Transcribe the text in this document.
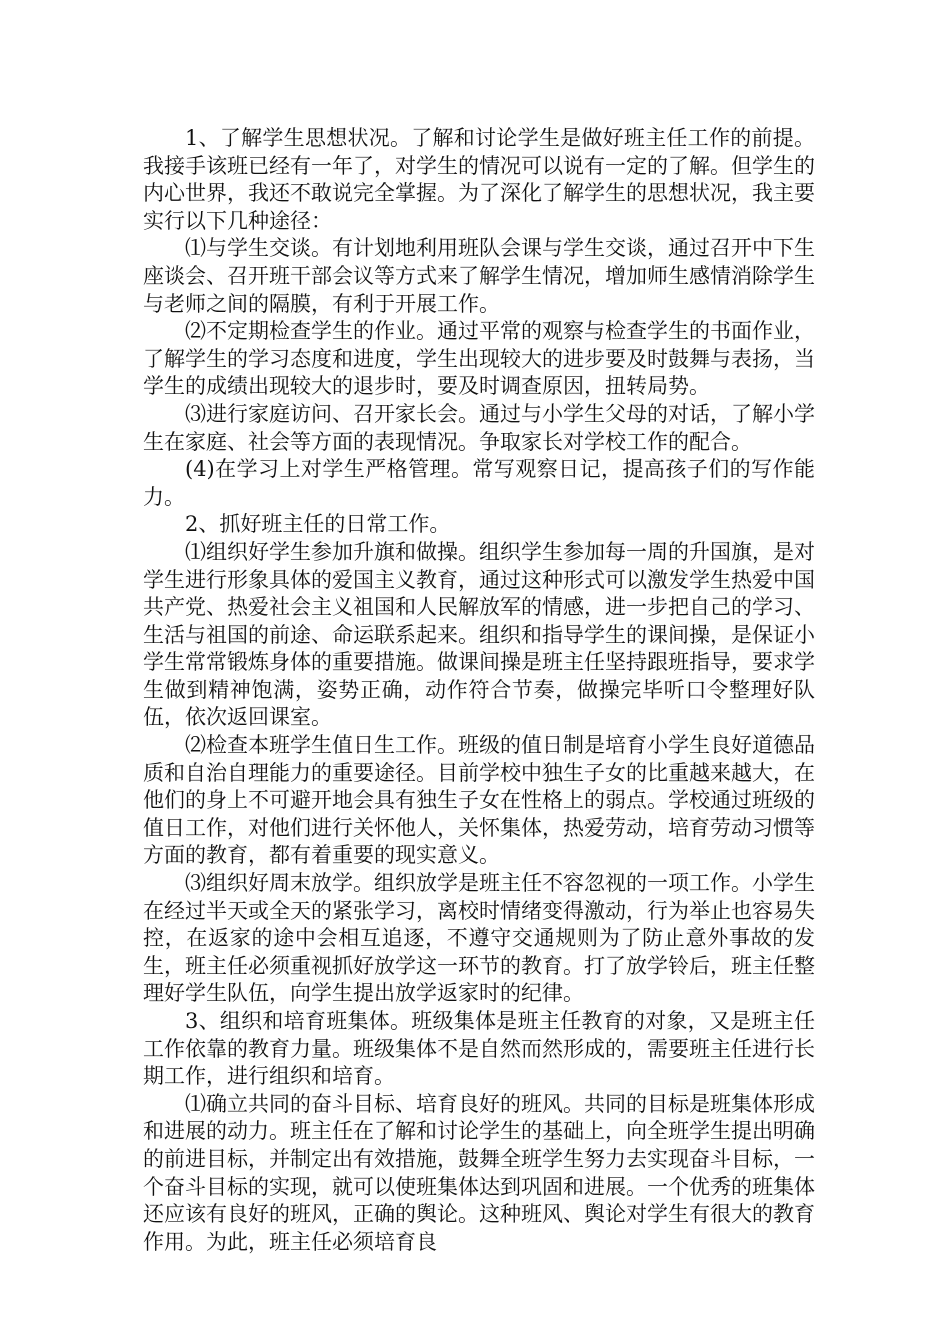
1、了解学生思想状况。了解和讨论学生是做好班主任工作的前提。我接手该班已经有一年了，对学生的情况可以说有一定的了解。但学生的内心世界，我还不敢说完全掌握。为了深化了解学生的思想状况，我主要实行以下几种途径：

⑴与学生交谈。有计划地利用班队会课与学生交谈，通过召开中下生座谈会、召开班干部会议等方式来了解学生情况，增加师生感情消除学生与老师之间的隔膜，有利于开展工作。

⑵不定期检查学生的作业。通过平常的观察与检查学生的书面作业，了解学生的学习态度和进度，学生出现较大的进步要及时鼓舞与表扬，当学生的成绩出现较大的退步时，要及时调查原因，扭转局势。

⑶进行家庭访问、召开家长会。通过与小学生父母的对话，了解小学生在家庭、社会等方面的表现情况。争取家长对学校工作的配合。

(4)在学习上对学生严格管理。常写观察日记，提高孩子们的写作能力。

2、抓好班主任的日常工作。

⑴组织好学生参加升旗和做操。组织学生参加每一周的升国旗，是对学生进行形象具体的爱国主义教育，通过这种形式可以激发学生热爱中国共产党、热爱社会主义祖国和人民解放军的情感，进一步把自己的学习、生活与祖国的前途、命运联系起来。组织和指导学生的课间操，是保证小学生常常锻炼身体的重要措施。做课间操是班主任坚持跟班指导，要求学生做到精神饱满，姿势正确，动作符合节奏，做操完毕听口令整理好队伍，依次返回课室。

⑵检查本班学生值日生工作。班级的值日制是培育小学生良好道德品质和自治自理能力的重要途径。目前学校中独生子女的比重越来越大，在他们的身上不可避开地会具有独生子女在性格上的弱点。学校通过班级的值日工作，对他们进行关怀他人，关怀集体，热爱劳动，培育劳动习惯等方面的教育，都有着重要的现实意义。

⑶组织好周末放学。组织放学是班主任不容忽视的一项工作。小学生在经过半天或全天的紧张学习，离校时情绪变得激动，行为举止也容易失控，在返家的途中会相互追逐，不遵守交通规则为了防止意外事故的发生，班主任必须重视抓好放学这一环节的教育。打了放学铃后，班主任整理好学生队伍，向学生提出放学返家时的纪律。

3、组织和培育班集体。班级集体是班主任教育的对象，又是班主任工作依靠的教育力量。班级集体不是自然而然形成的，需要班主任进行长期工作，进行组织和培育。

⑴确立共同的奋斗目标、培育良好的班风。共同的目标是班集体形成和进展的动力。班主任在了解和讨论学生的基础上，向全班学生提出明确的前进目标，并制定出有效措施，鼓舞全班学生努力去实现奋斗目标，一个奋斗目标的实现，就可以使班集体达到巩固和进展。一个优秀的班集体还应该有良好的班风，正确的舆论。这种班风、舆论对学生有很大的教育作用。为此，班主任必须培育良
